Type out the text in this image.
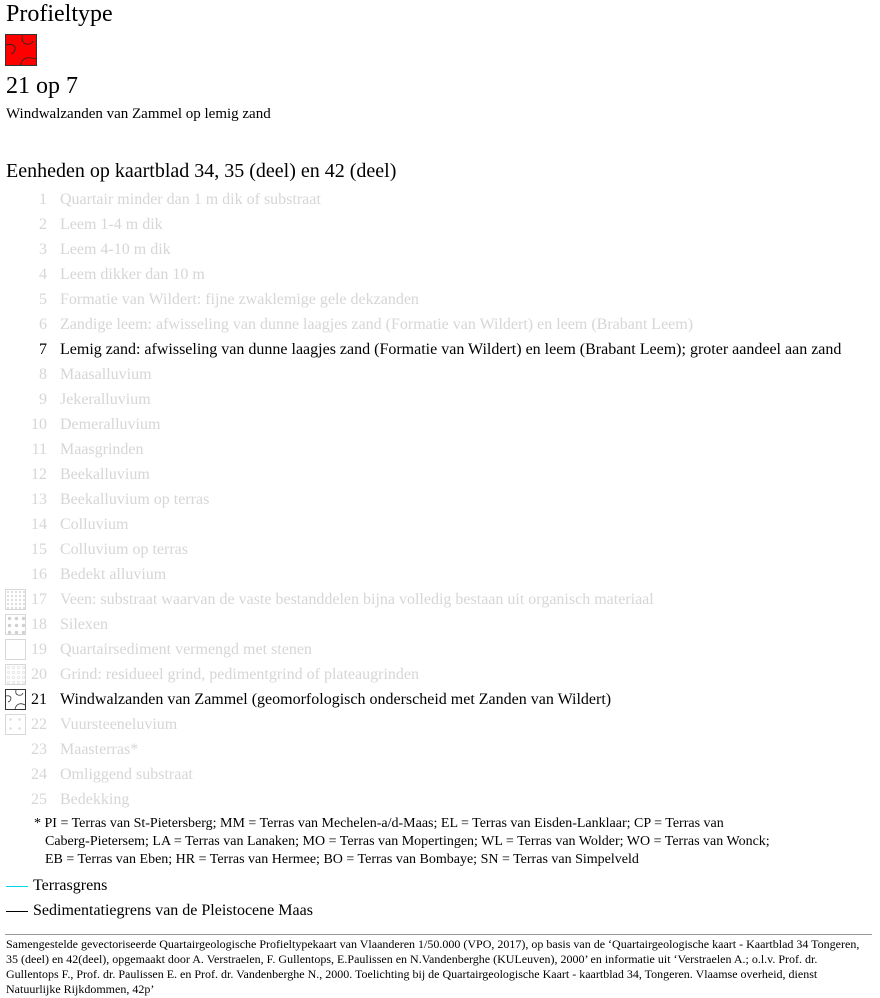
Profieltype
21 op 7
Windwalzanden van Zammel op lemig zand
Eenheden op kaartblad 34, 35 (deel) en 42 (deel)
1 Quartair minder dan 1 m dik of substraat
2 Leem 1-4 m dik
3 Leem 4-10 m dik
4 Leem dikker dan 10 m
5 Formatie van Wildert: fijne zwaklemige gele dekzanden
6 Zandige leem: afwisseling van dunne laagjes zand (Formatie van Wildert) en leem (Brabant Leem)
7 Lemig zand: afwisseling van dunne laagjes zand (Formatie van Wildert) en leem (Brabant Leem); groter aandeel aan zand
8 Maasalluvium
9 Jekeralluvium
10 Demeralluvium
11 Maasgrinden
12 Beekalluvium
13 Beekalluvium op terras
14 Colluvium
15 Colluvium op terras
16 Bedekt alluvium
17 Veen: substraat waarvan de vaste bestanddelen bijna volledig bestaan uit organisch materiaal
18 Silexen
19 Quartairsediment vermengd met stenen
20 Grind: residueel grind, pedimentgrind of plateaugrinden
21 Windwalzanden van Zammel (geomorfologisch onderscheid met Zanden van Wildert)
22 Vuursteeneluvium
23 Maasterras*
24 Omliggend substraat
25 Bedekking
* PI = Terras van St-Pietersberg; MM = Terras van Mechelen-a/d-Maas; EL = Terras van Eisden-Lanklaar; CP = Terras van
Caberg-Pietersem; LA = Terras van Lanaken; MO = Terras van Mopertingen; WL = Terras van Wolder; WO = Terras van Wonck;
EB = Terras van Eben; HR = Terras van Hermee; BO = Terras van Bombaye; SN = Terras van Simpelveld
Terrasgrens
Sedimentatiegrens van de Pleistocene Maas
Samengestelde gevectoriseerde Quartairgeologische Profieltypekaart van Vlaanderen 1/50.000 (VPO, 2017), op basis van de ‘Quartairgeologische kaart - Kaartblad 34 Tongeren, 35 (deel) en 42(deel), opgemaakt door A. Verstraelen, F. Gullentops, E.Paulissen en N.Vandenberghe (KULeuven), 2000’ en informatie uit ‘Verstraelen A.; o.l.v. Prof. dr. Gullentops F., Prof. dr. Paulissen E. en Prof. dr. Vandenberghe N., 2000. Toelichting bij de Quartairgeologische Kaart - kaartblad 34, Tongeren. Vlaamse overheid, dienst Natuurlijke Rijkdommen, 42p’
